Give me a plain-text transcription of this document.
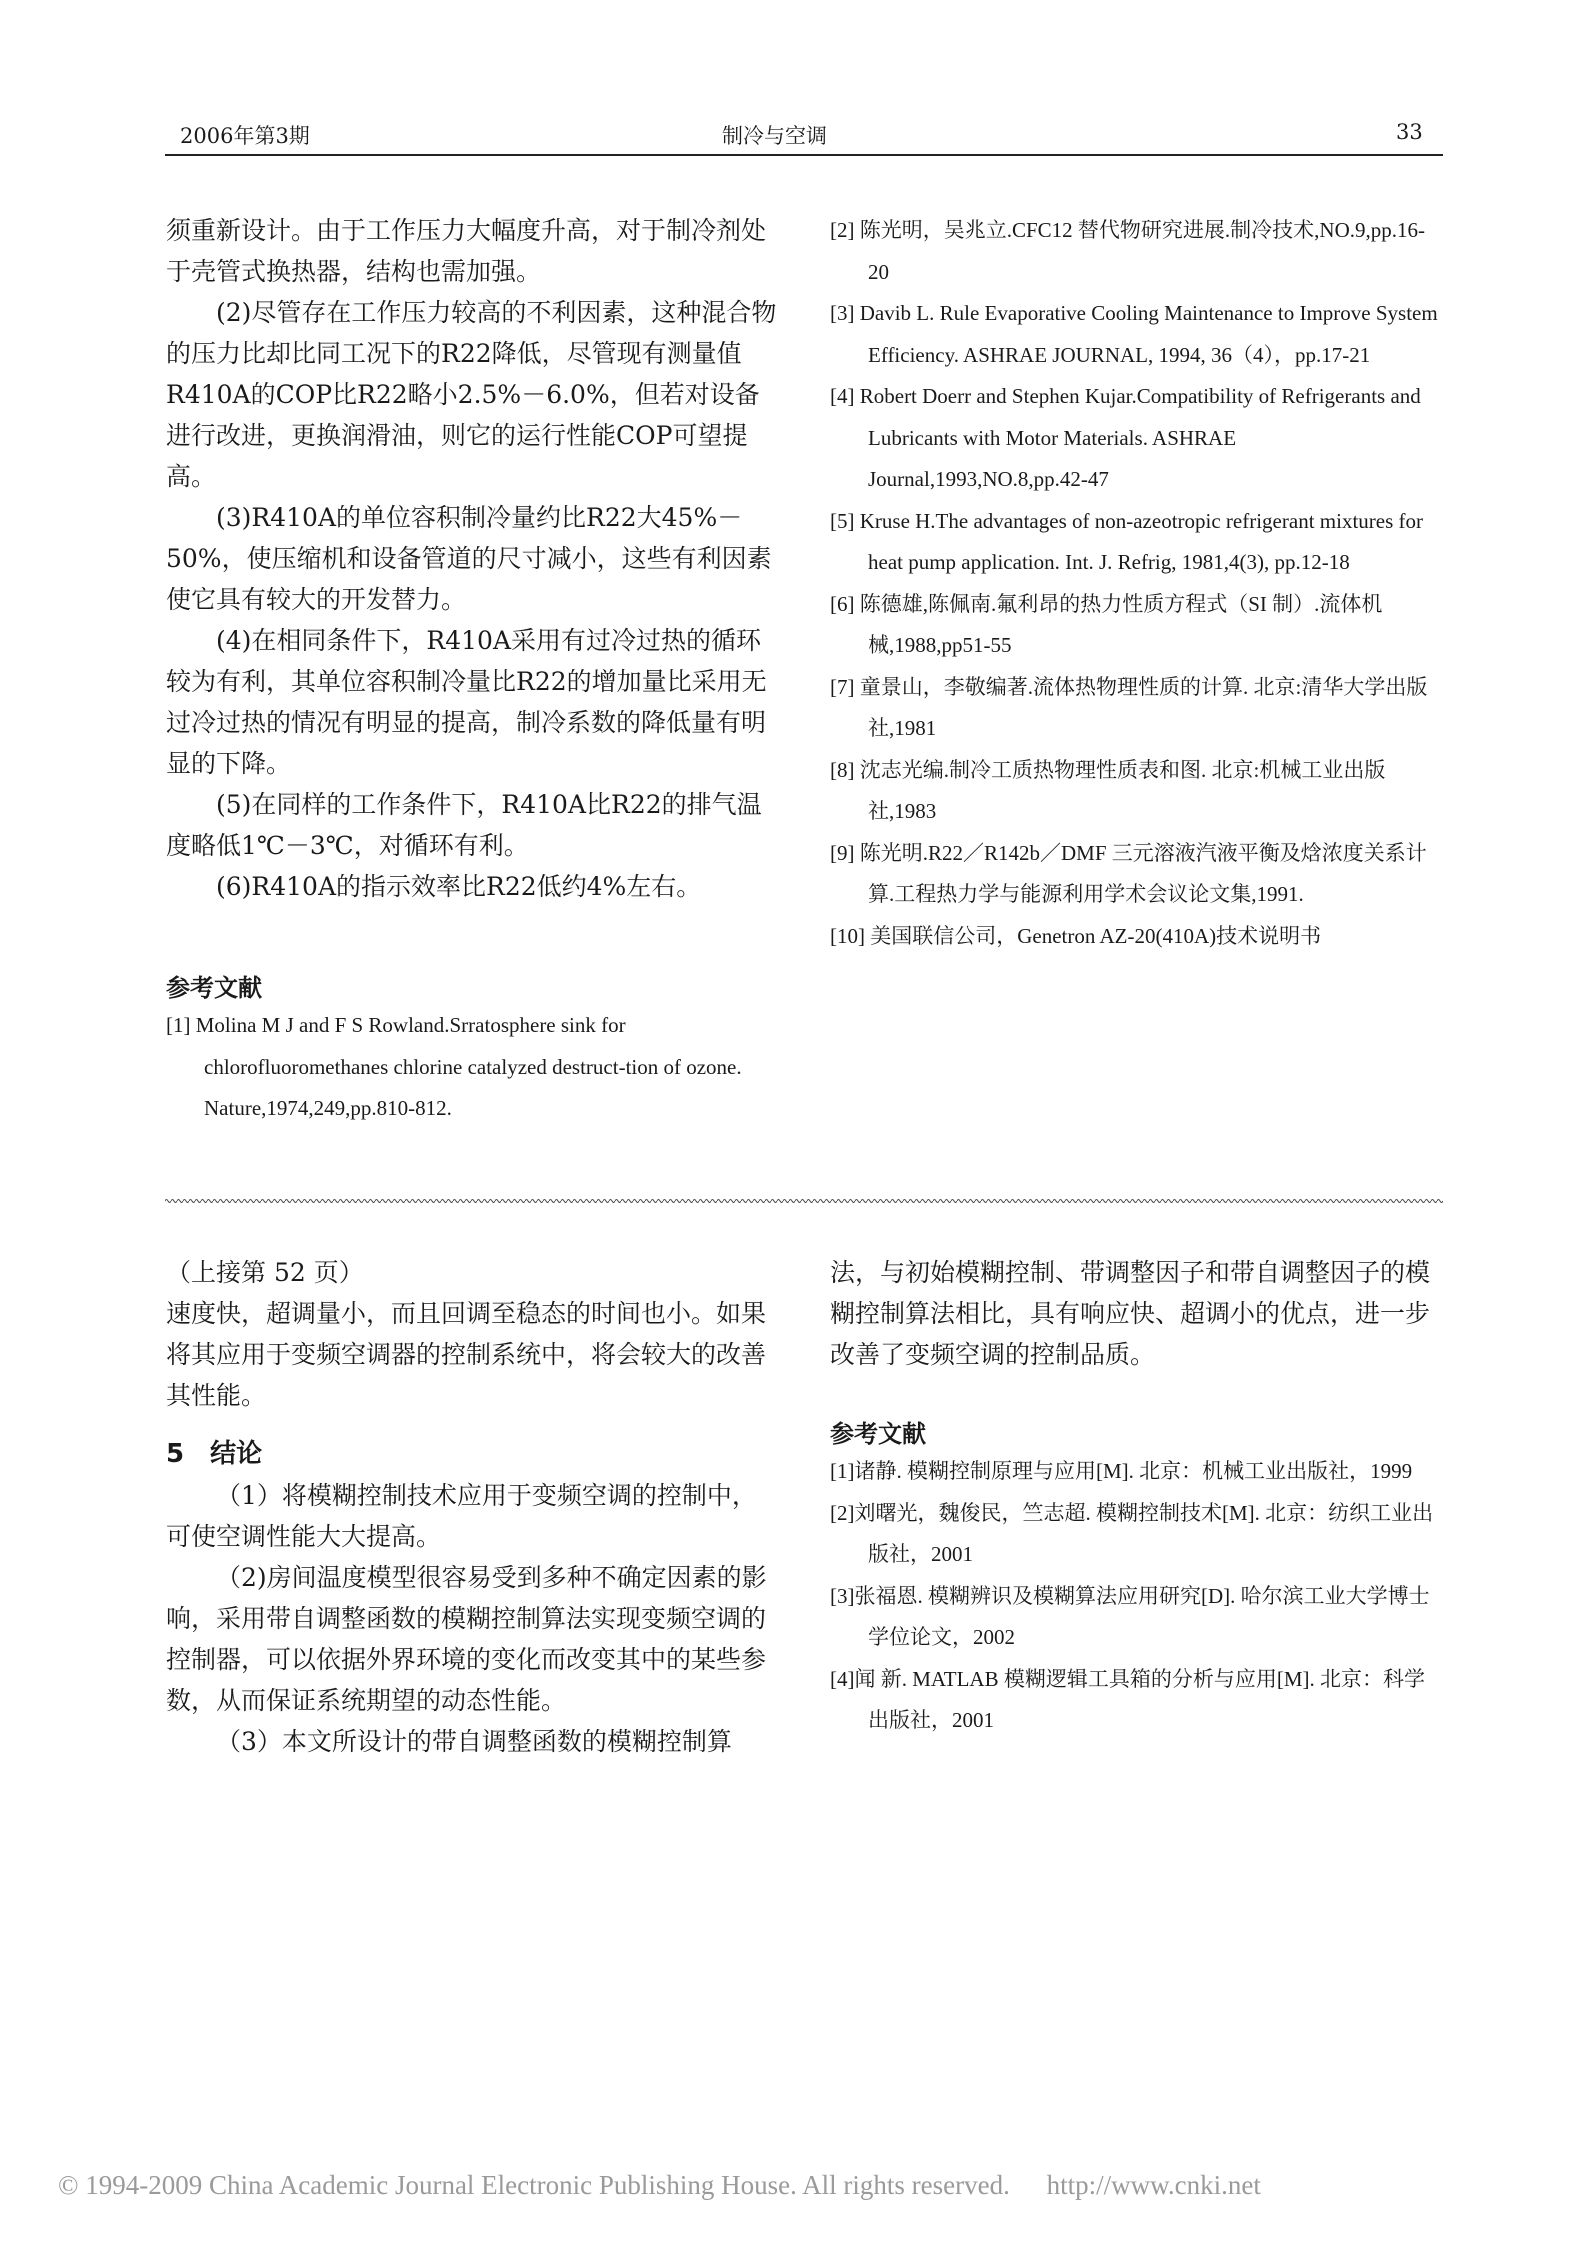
2006年第3期	制冷与空调	33

须重新设计。由于工作压力大幅度升高，对于制冷剂处于壳管式换热器，结构也需加强。

(2)尽管存在工作压力较高的不利因素，这种混合物的压力比却比同工况下的R22降低，尽管现有测量值R410A的COP比R22略小2.5%－6.0%，但若对设备进行改进，更换润滑油，则它的运行性能COP可望提高。

(3)R410A的单位容积制冷量约比R22大45%－50%，使压缩机和设备管道的尺寸减小，这些有利因素使它具有较大的开发替力。

(4)在相同条件下，R410A采用有过冷过热的循环较为有利，其单位容积制冷量比R22的增加量比采用无过冷过热的情况有明显的提高，制冷系数的降低量有明显的下降。

(5)在同样的工作条件下，R410A比R22的排气温度略低1℃－3℃，对循环有利。

(6)R410A的指示效率比R22低约4%左右。

参考文献
[1] Molina M J and F S Rowland.Srratosphere sink for chlorofluoromethanes chlorine catalyzed destruct-tion of ozone. Nature,1974,249,pp.810-812.
[2] 陈光明，吴兆立.CFC12 替代物研究进展.制冷技术,NO.9,pp.16-20
[3] Davib L. Rule Evaporative Cooling Maintenance to Improve System Efficiency. ASHRAE JOURNAL, 1994, 36（4），pp.17-21
[4] Robert Doerr and Stephen Kujar.Compatibility of Refrigerants and Lubricants with Motor Materials. ASHRAE Journal,1993,NO.8,pp.42-47
[5] Kruse H.The advantages of non-azeotropic refrigerant mixtures for heat pump application. Int. J. Refrig, 1981,4(3), pp.12-18
[6] 陈德雄,陈佩南.氟利昂的热力性质方程式（SI 制）.流体机械,1988,pp51-55
[7] 童景山，李敬编著.流体热物理性质的计算. 北京:清华大学出版社,1981
[8] 沈志光编.制冷工质热物理性质表和图. 北京:机械工业出版社,1983
[9] 陈光明.R22／R142b／DMF 三元溶液汽液平衡及焓浓度关系计算.工程热力学与能源利用学术会议论文集,1991.
[10] 美国联信公司，Genetron AZ-20(410A)技术说明书

（上接第 52 页）

速度快，超调量小，而且回调至稳态的时间也小。如果将其应用于变频空调器的控制系统中，将会较大的改善其性能。

5　结论

（1）将模糊控制技术应用于变频空调的控制中，可使空调性能大大提高。

（2)房间温度模型很容易受到多种不确定因素的影响，采用带自调整函数的模糊控制算法实现变频空调的控制器，可以依据外界环境的变化而改变其中的某些参数，从而保证系统期望的动态性能。

（3）本文所设计的带自调整函数的模糊控制算

法，与初始模糊控制、带调整因子和带自调整因子的模糊控制算法相比，具有响应快、超调小的优点，进一步改善了变频空调的控制品质。

参考文献
[1]诸静. 模糊控制原理与应用[M]. 北京：机械工业出版社，1999
[2]刘曙光，魏俊民，竺志超. 模糊控制技术[M]. 北京：纺织工业出版社，2001
[3]张福恩. 模糊辨识及模糊算法应用研究[D]. 哈尔滨工业大学博士学位论文，2002
[4]闻 新. MATLAB 模糊逻辑工具箱的分析与应用[M]. 北京：科学出版社，2001
© 1994-2009 China Academic Journal Electronic Publishing House. All rights reserved. http://www.cnki.net
